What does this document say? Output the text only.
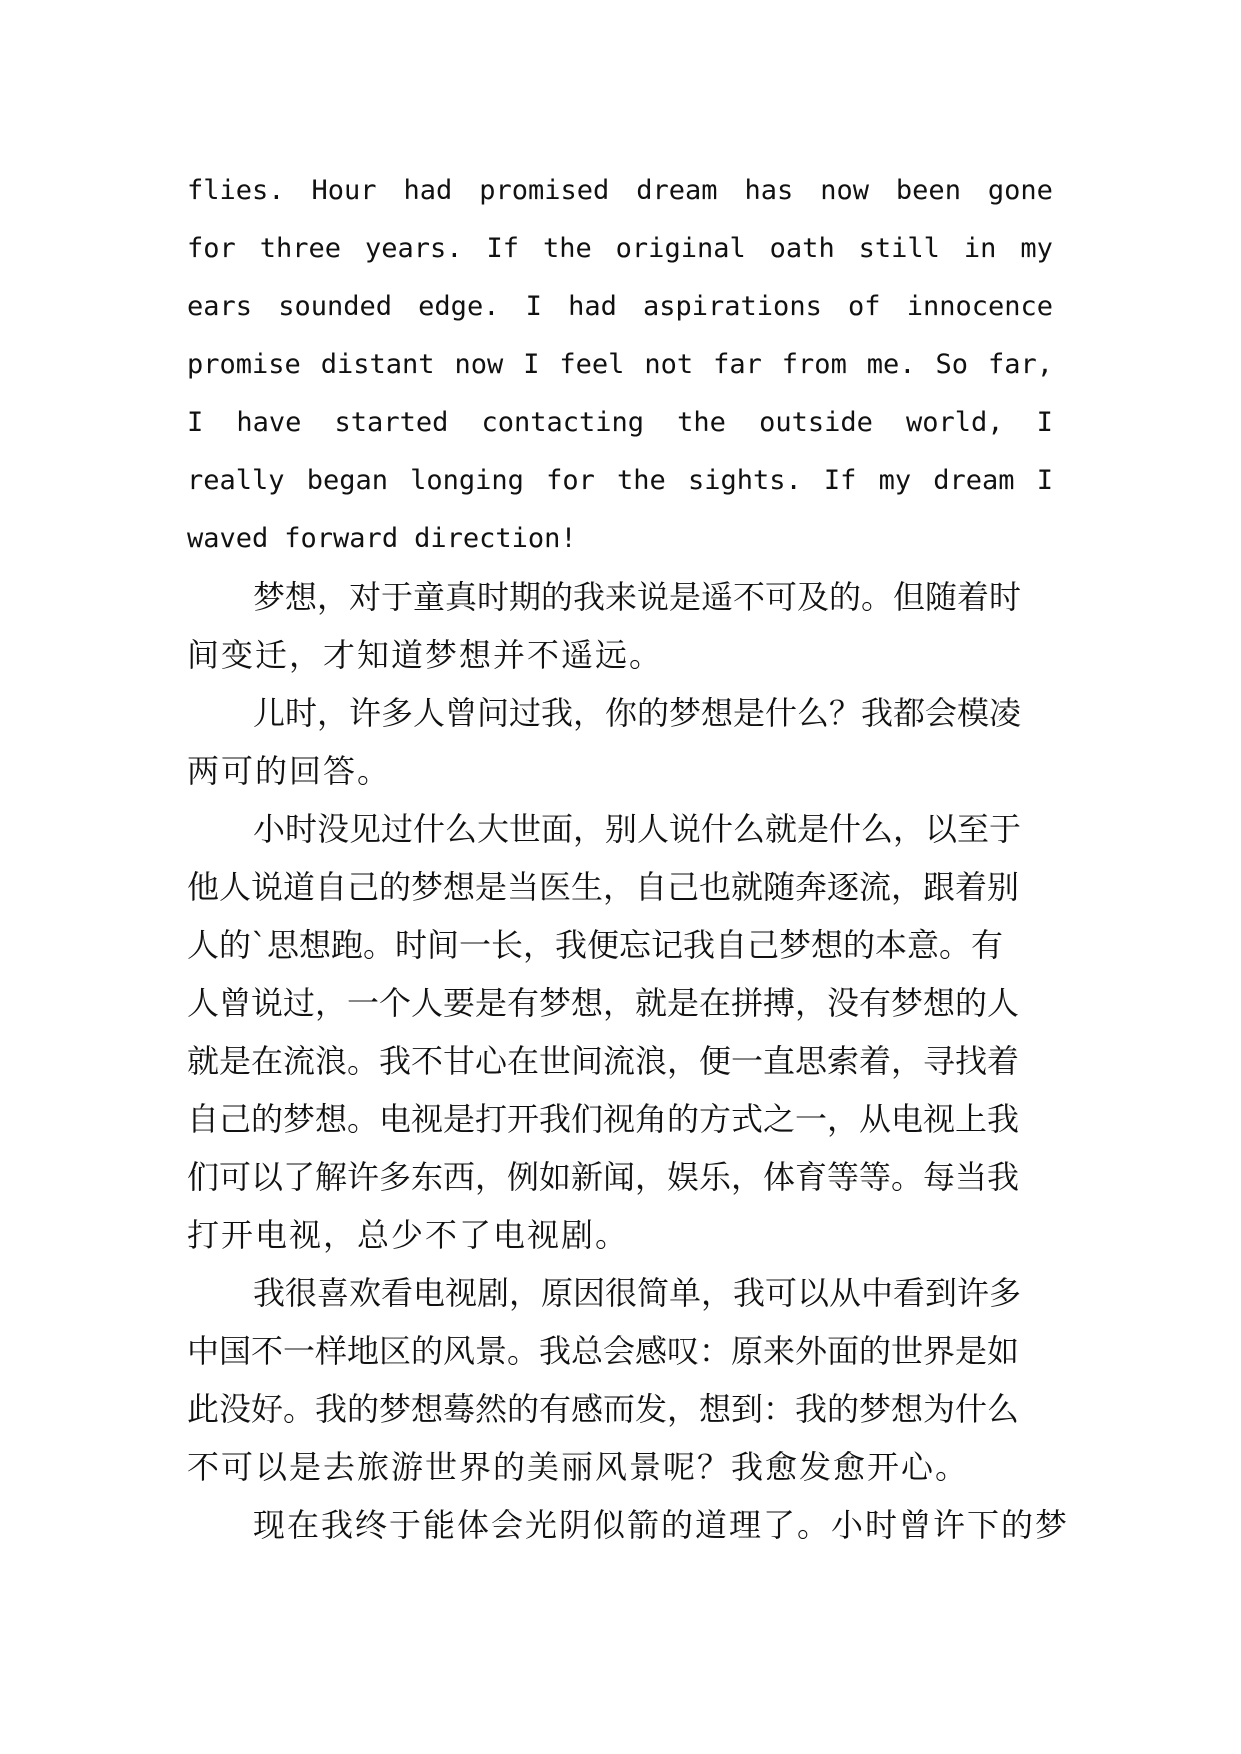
flies. Hour had promised dream has now been gone
for three years. If the original oath still in my
ears sounded edge. I had aspirations of innocence
promise distant now I feel not far from me. So far,
I have started contacting the outside world, I
really began longing for the sights. If my dream I
waved forward direction!
梦想，对于童真时期的我来说是遥不可及的。但随着时
间变迁，才知道梦想并不遥远。
儿时，许多人曾问过我，你的梦想是什么？我都会模凌
两可的回答。
小时没见过什么大世面，别人说什么就是什么，以至于
他人说道自己的梦想是当医生，自己也就随奔逐流，跟着别
人的`思想跑。时间一长，我便忘记我自己梦想的本意。有
人曾说过，一个人要是有梦想，就是在拼搏，没有梦想的人
就是在流浪。我不甘心在世间流浪，便一直思索着，寻找着
自己的梦想。电视是打开我们视角的方式之一，从电视上我
们可以了解许多东西，例如新闻，娱乐，体育等等。每当我
打开电视，总少不了电视剧。
我很喜欢看电视剧，原因很简单，我可以从中看到许多
中国不一样地区的风景。我总会感叹：原来外面的世界是如
此没好。我的梦想蓦然的有感而发，想到：我的梦想为什么
不可以是去旅游世界的美丽风景呢？我愈发愈开心。
现在我终于能体会光阴似箭的道理了。小时曾许下的梦
